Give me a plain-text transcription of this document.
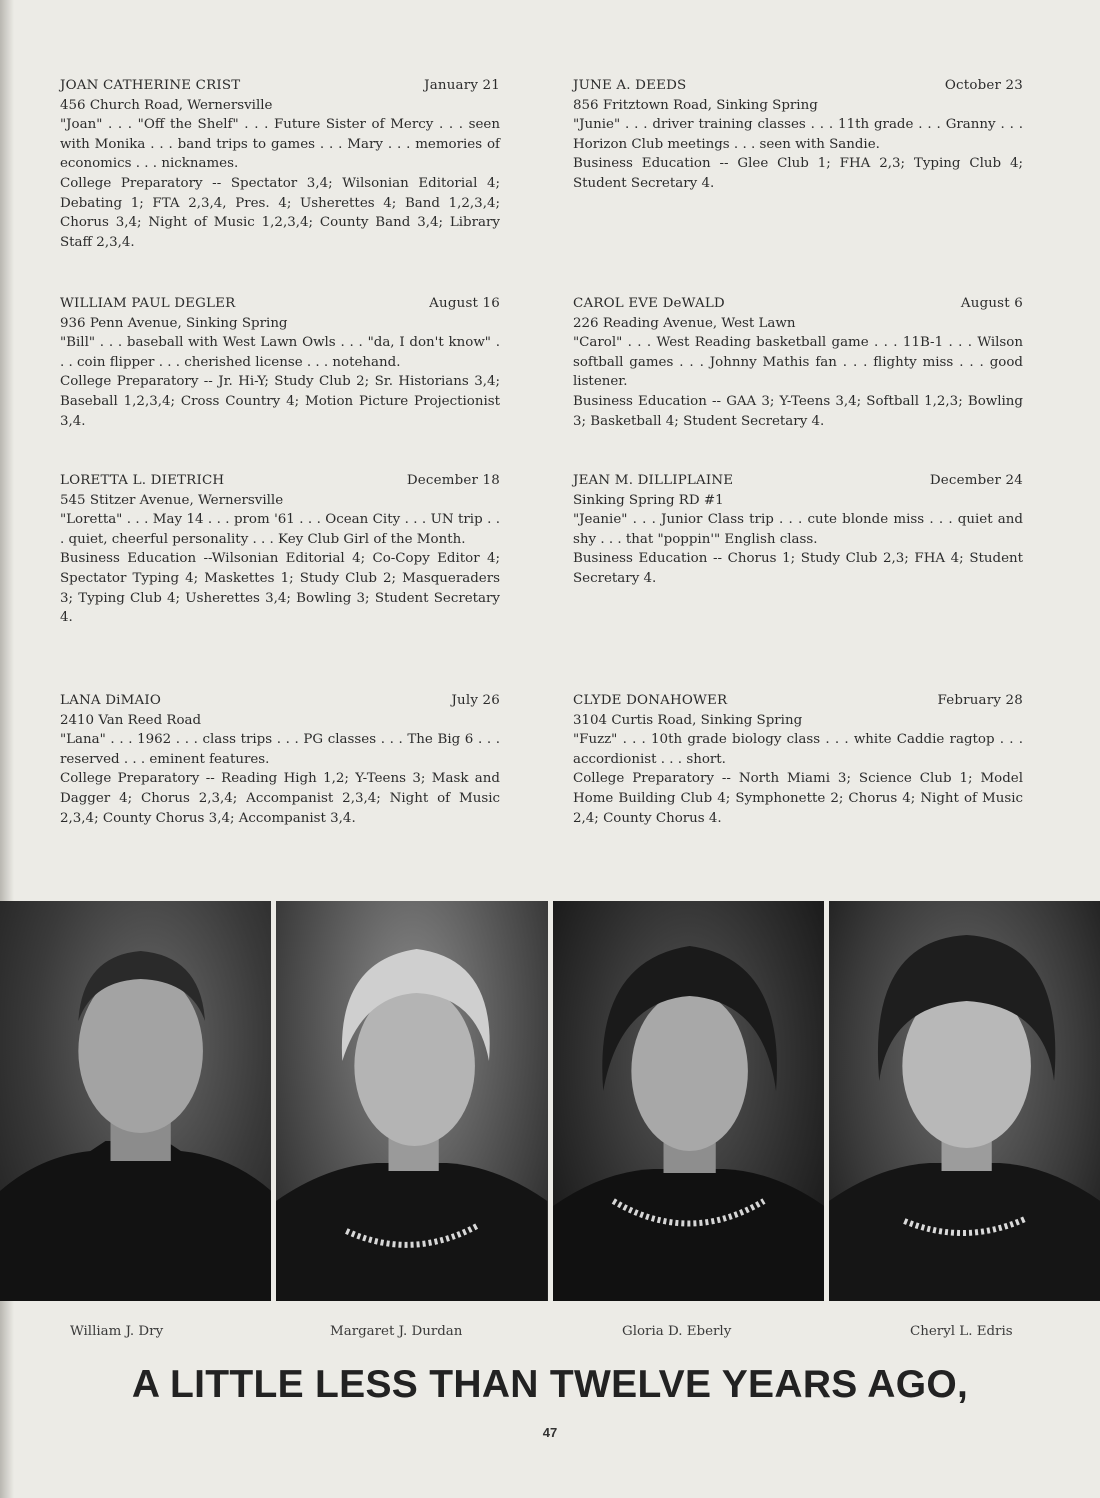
JOAN CATHERINE CRIST	January 21

456 Church Road, Wernersville

"Joan" . . . "Off the Shelf" . . . Future Sister of Mercy . . . seen with Monika . . . band trips to games . . . Mary . . . memories of economics . . . nicknames.

College Preparatory -- Spectator 3,4; Wilsonian Editorial 4; Debating 1; FTA 2,3,4, Pres. 4; Usherettes 4; Band 1,2,3,4; Chorus 3,4; Night of Music 1,2,3,4; County Band 3,4; Library Staff 2,3,4.

WILLIAM PAUL DEGLER	August 16

936 Penn Avenue, Sinking Spring

"Bill" . . . baseball with West Lawn Owls . . . "da, I don't know" . . . coin flipper . . . cherished license . . . notehand.

College Preparatory -- Jr. Hi-Y; Study Club 2; Sr. Historians 3,4; Baseball 1,2,3,4; Cross Country 4; Motion Picture Projectionist 3,4.

LORETTA L. DIETRICH	December 18

545 Stitzer Avenue, Wernersville

"Loretta" . . . May 14 . . . prom '61 . . . Ocean City . . . UN trip . . . quiet, cheerful personality . . . Key Club Girl of the Month.

Business Education --Wilsonian Editorial 4; Co-Copy Editor 4; Spectator Typing 4; Maskettes 1; Study Club 2; Masqueraders 3; Typing Club 4; Usherettes 3,4; Bowling 3; Student Secretary 4.

LANA DiMAIO	July 26

2410 Van Reed Road

"Lana" . . . 1962 . . . class trips . . . PG classes . . . The Big 6 . . . reserved . . . eminent features.

College Preparatory -- Reading High 1,2; Y-Teens 3; Mask and Dagger 4; Chorus 2,3,4; Accompanist 2,3,4; Night of Music 2,3,4; County Chorus 3,4; Accompanist 3,4.

JUNE A. DEEDS	October 23

856 Fritztown Road, Sinking Spring

"Junie" . . . driver training classes . . . 11th grade . . . Granny . . . Horizon Club meetings . . . seen with Sandie.

Business Education -- Glee Club 1; FHA 2,3; Typing Club 4; Student Secretary 4.

CAROL EVE DeWALD	August 6

226 Reading Avenue, West Lawn

"Carol" . . . West Reading basketball game . . . 11B-1 . . . Wilson softball games . . . Johnny Mathis fan . . . flighty miss . . . good listener.

Business Education -- GAA 3; Y-Teens 3,4; Softball 1,2,3; Bowling 3; Basketball 4; Student Secretary 4.

JEAN M. DILLIPLAINE	December 24

Sinking Spring RD #1

"Jeanie" . . . Junior Class trip . . . cute blonde miss . . . quiet and shy . . . that "poppin'" English class.

Business Education -- Chorus 1; Study Club 2,3; FHA 4; Student Secretary 4.

CLYDE DONAHOWER	February 28

3104 Curtis Road, Sinking Spring

"Fuzz" . . . 10th grade biology class . . . white Caddie ragtop . . . accordionist . . . short.

College Preparatory -- North Miami 3; Science Club 1; Model Home Building Club 4; Symphonette 2; Chorus 4; Night of Music 2,4; County Chorus 4.

William J. Dry	Margaret J. Durdan	Gloria D. Eberly	Cheryl L. Edris
A LITTLE LESS THAN TWELVE YEARS AGO,
47
